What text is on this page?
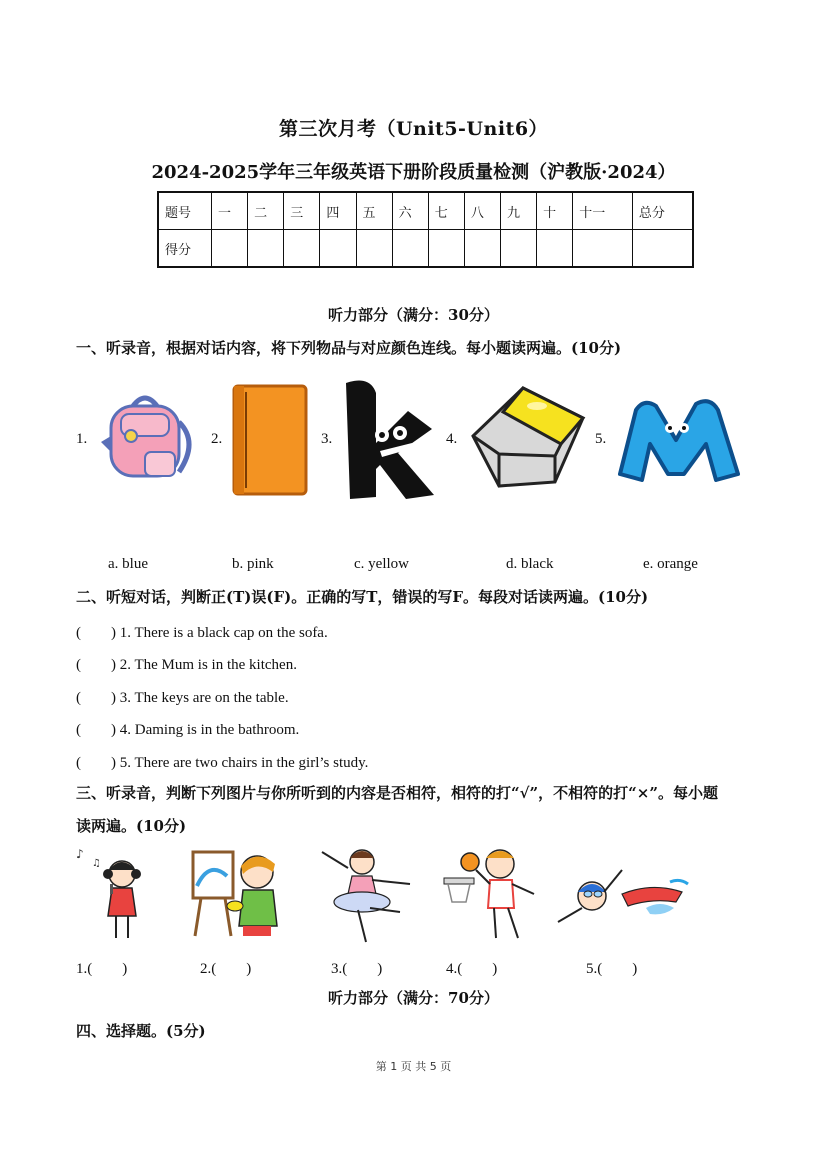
第三次月考（Unit5-Unit6）
2024-2025学年三年级英语下册阶段质量检测（沪教版·2024）
题号	一	二	三	四	五	六	七	八	九	十	十一	总分
得分												
听力部分（满分：30分）
一、听录音，根据对话内容，将下列物品与对应颜色连线。每小题读两遍。(10分)
1.	2.	3.	4.	5.
a. blue	b. pink	c. yellow	d. black	e. orange
二、听短对话，判断正(T)误(F)。正确的写T，错误的写F。每段对话读两遍。(10分)
(　　) 1. There is a black cap on the sofa.
(　　) 2. The Mum is in the kitchen.
(　　) 3. The keys are on the table.
(　　) 4. Daming is in the bathroom.
(　　) 5. There are two chairs in the girl’s study.
三、听录音，判断下列图片与你所听到的内容是否相符，相符的打“√”，不相符的打“×”。每小题
读两遍。(10分)
♪
♫
1.(　　)	2.(　　)	3.(　　)	4.(　　)	5.(　　)
听力部分（满分：70分）
四、选择题。(5分)
第 1 页 共 5 页
